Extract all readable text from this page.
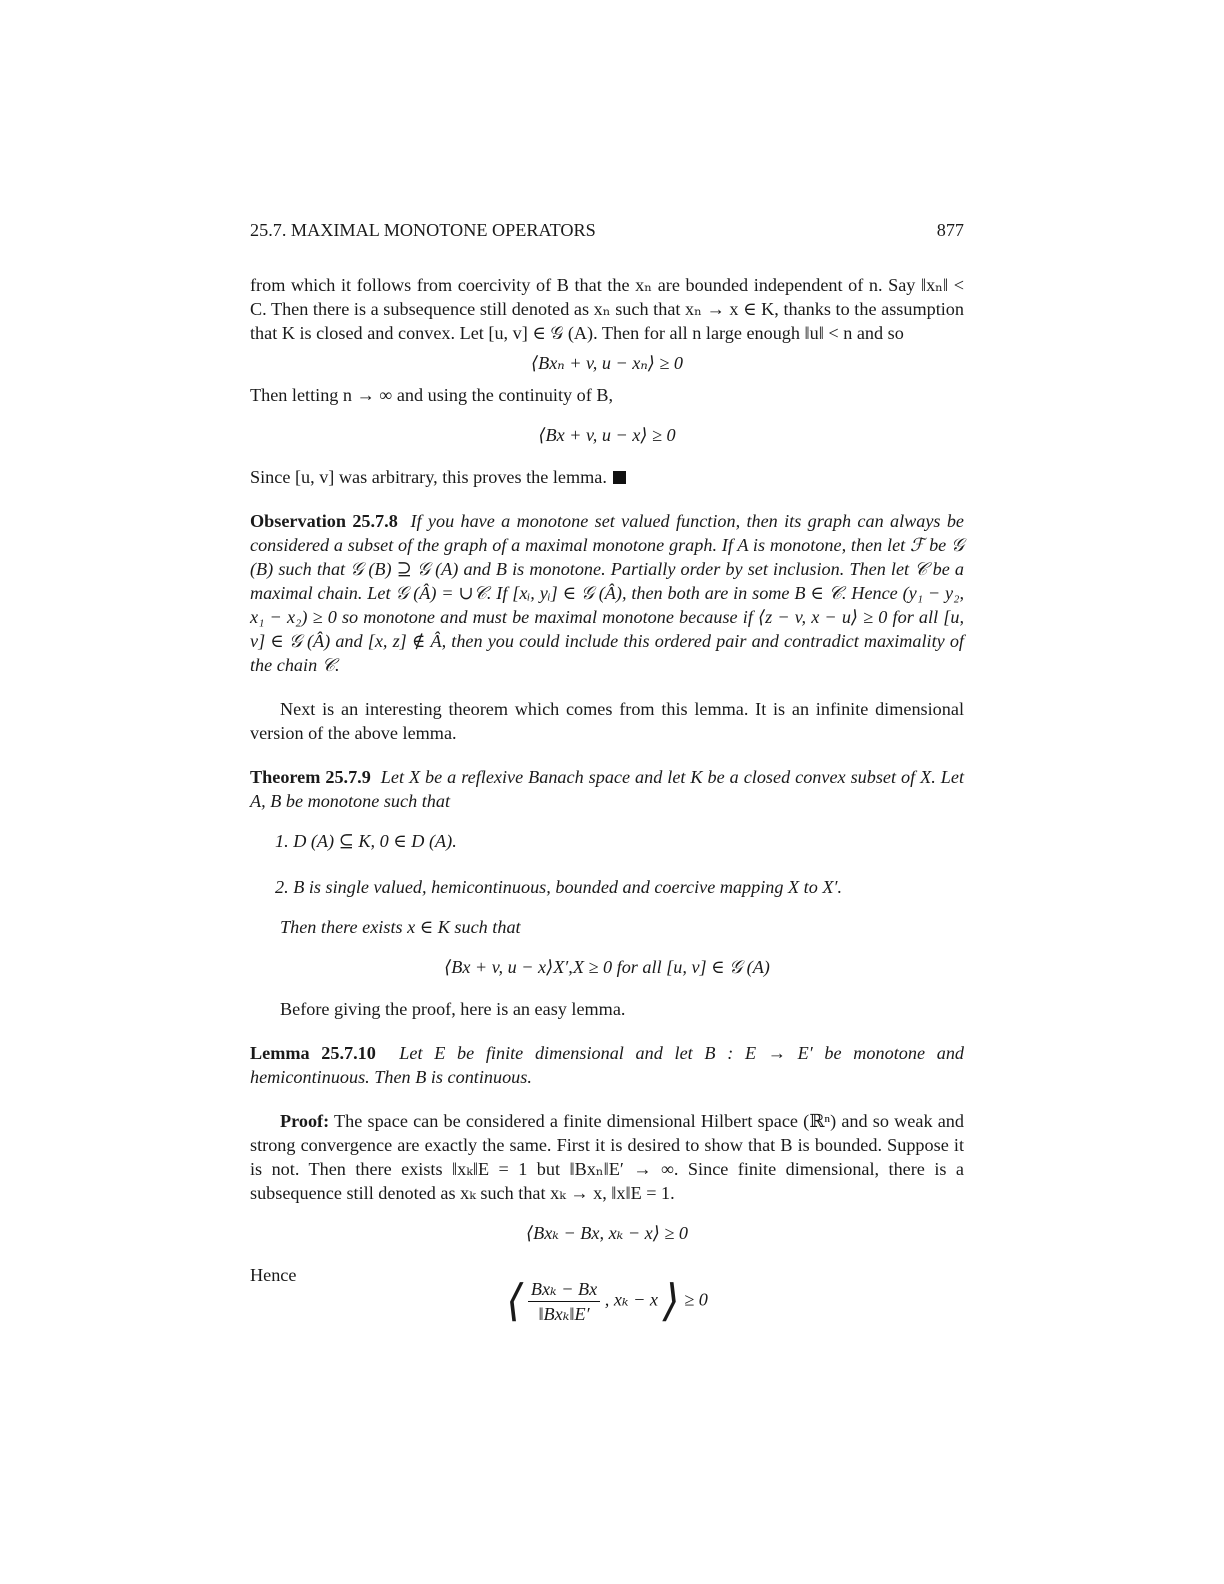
25.7. MAXIMAL MONOTONE OPERATORS	877

from which it follows from coercivity of B that the xₙ are bounded independent of n. Say ‖xₙ‖ < C. Then there is a subsequence still denoted as xₙ such that xₙ → x ∈ K, thanks to the assumption that K is closed and convex. Let [u, v] ∈ 𝒢 (A). Then for all n large enough ‖u‖ < n and so

⟨Bxₙ + v, u − xₙ⟩ ≥ 0

Then letting n → ∞ and using the continuity of B,

⟨Bx + v, u − x⟩ ≥ 0

Since [u, v] was arbitrary, this proves the lemma.

Observation 25.7.8 If you have a monotone set valued function, then its graph can always be considered a subset of the graph of a maximal monotone graph. If A is monotone, then let ℱ be 𝒢 (B) such that 𝒢 (B) ⊇ 𝒢 (A) and B is monotone. Partially order by set inclusion. Then let 𝒞 be a maximal chain. Let 𝒢 (Â) = ∪𝒞. If [xᵢ, yᵢ] ∈ 𝒢 (Â), then both are in some B ∈ 𝒞. Hence (y₁ − y₂, x₁ − x₂) ≥ 0 so monotone and must be maximal monotone because if ⟨z − v, x − u⟩ ≥ 0 for all [u, v] ∈ 𝒢 (Â) and [x, z] ∉ Â, then you could include this ordered pair and contradict maximality of the chain 𝒞.

Next is an interesting theorem which comes from this lemma. It is an infinite dimensional version of the above lemma.

Theorem 25.7.9 Let X be a reflexive Banach space and let K be a closed convex subset of X. Let A, B be monotone such that

1. D (A) ⊆ K, 0 ∈ D (A).
2. B is single valued, hemicontinuous, bounded and coercive mapping X to X′.

Then there exists x ∈ K such that

⟨Bx + v, u − x⟩X′,X ≥ 0 for all [u, v] ∈ 𝒢 (A)

Before giving the proof, here is an easy lemma.

Lemma 25.7.10 Let E be finite dimensional and let B : E → E′ be monotone and hemicontinuous. Then B is continuous.

Proof: The space can be considered a finite dimensional Hilbert space (ℝⁿ) and so weak and strong convergence are exactly the same. First it is desired to show that B is bounded. Suppose it is not. Then there exists ‖xₖ‖E = 1 but ‖Bxₙ‖E′ → ∞. Since finite dimensional, there is a subsequence still denoted as xₖ such that xₖ → x, ‖x‖E = 1.

⟨Bxₖ − Bx, xₖ − x⟩ ≥ 0

Hence

⟨ $\frac{\text{Bxₖ − Bx}}{\text{‖Bxₖ‖E′}}$ , xₖ − x ⟩ ≥ 0
